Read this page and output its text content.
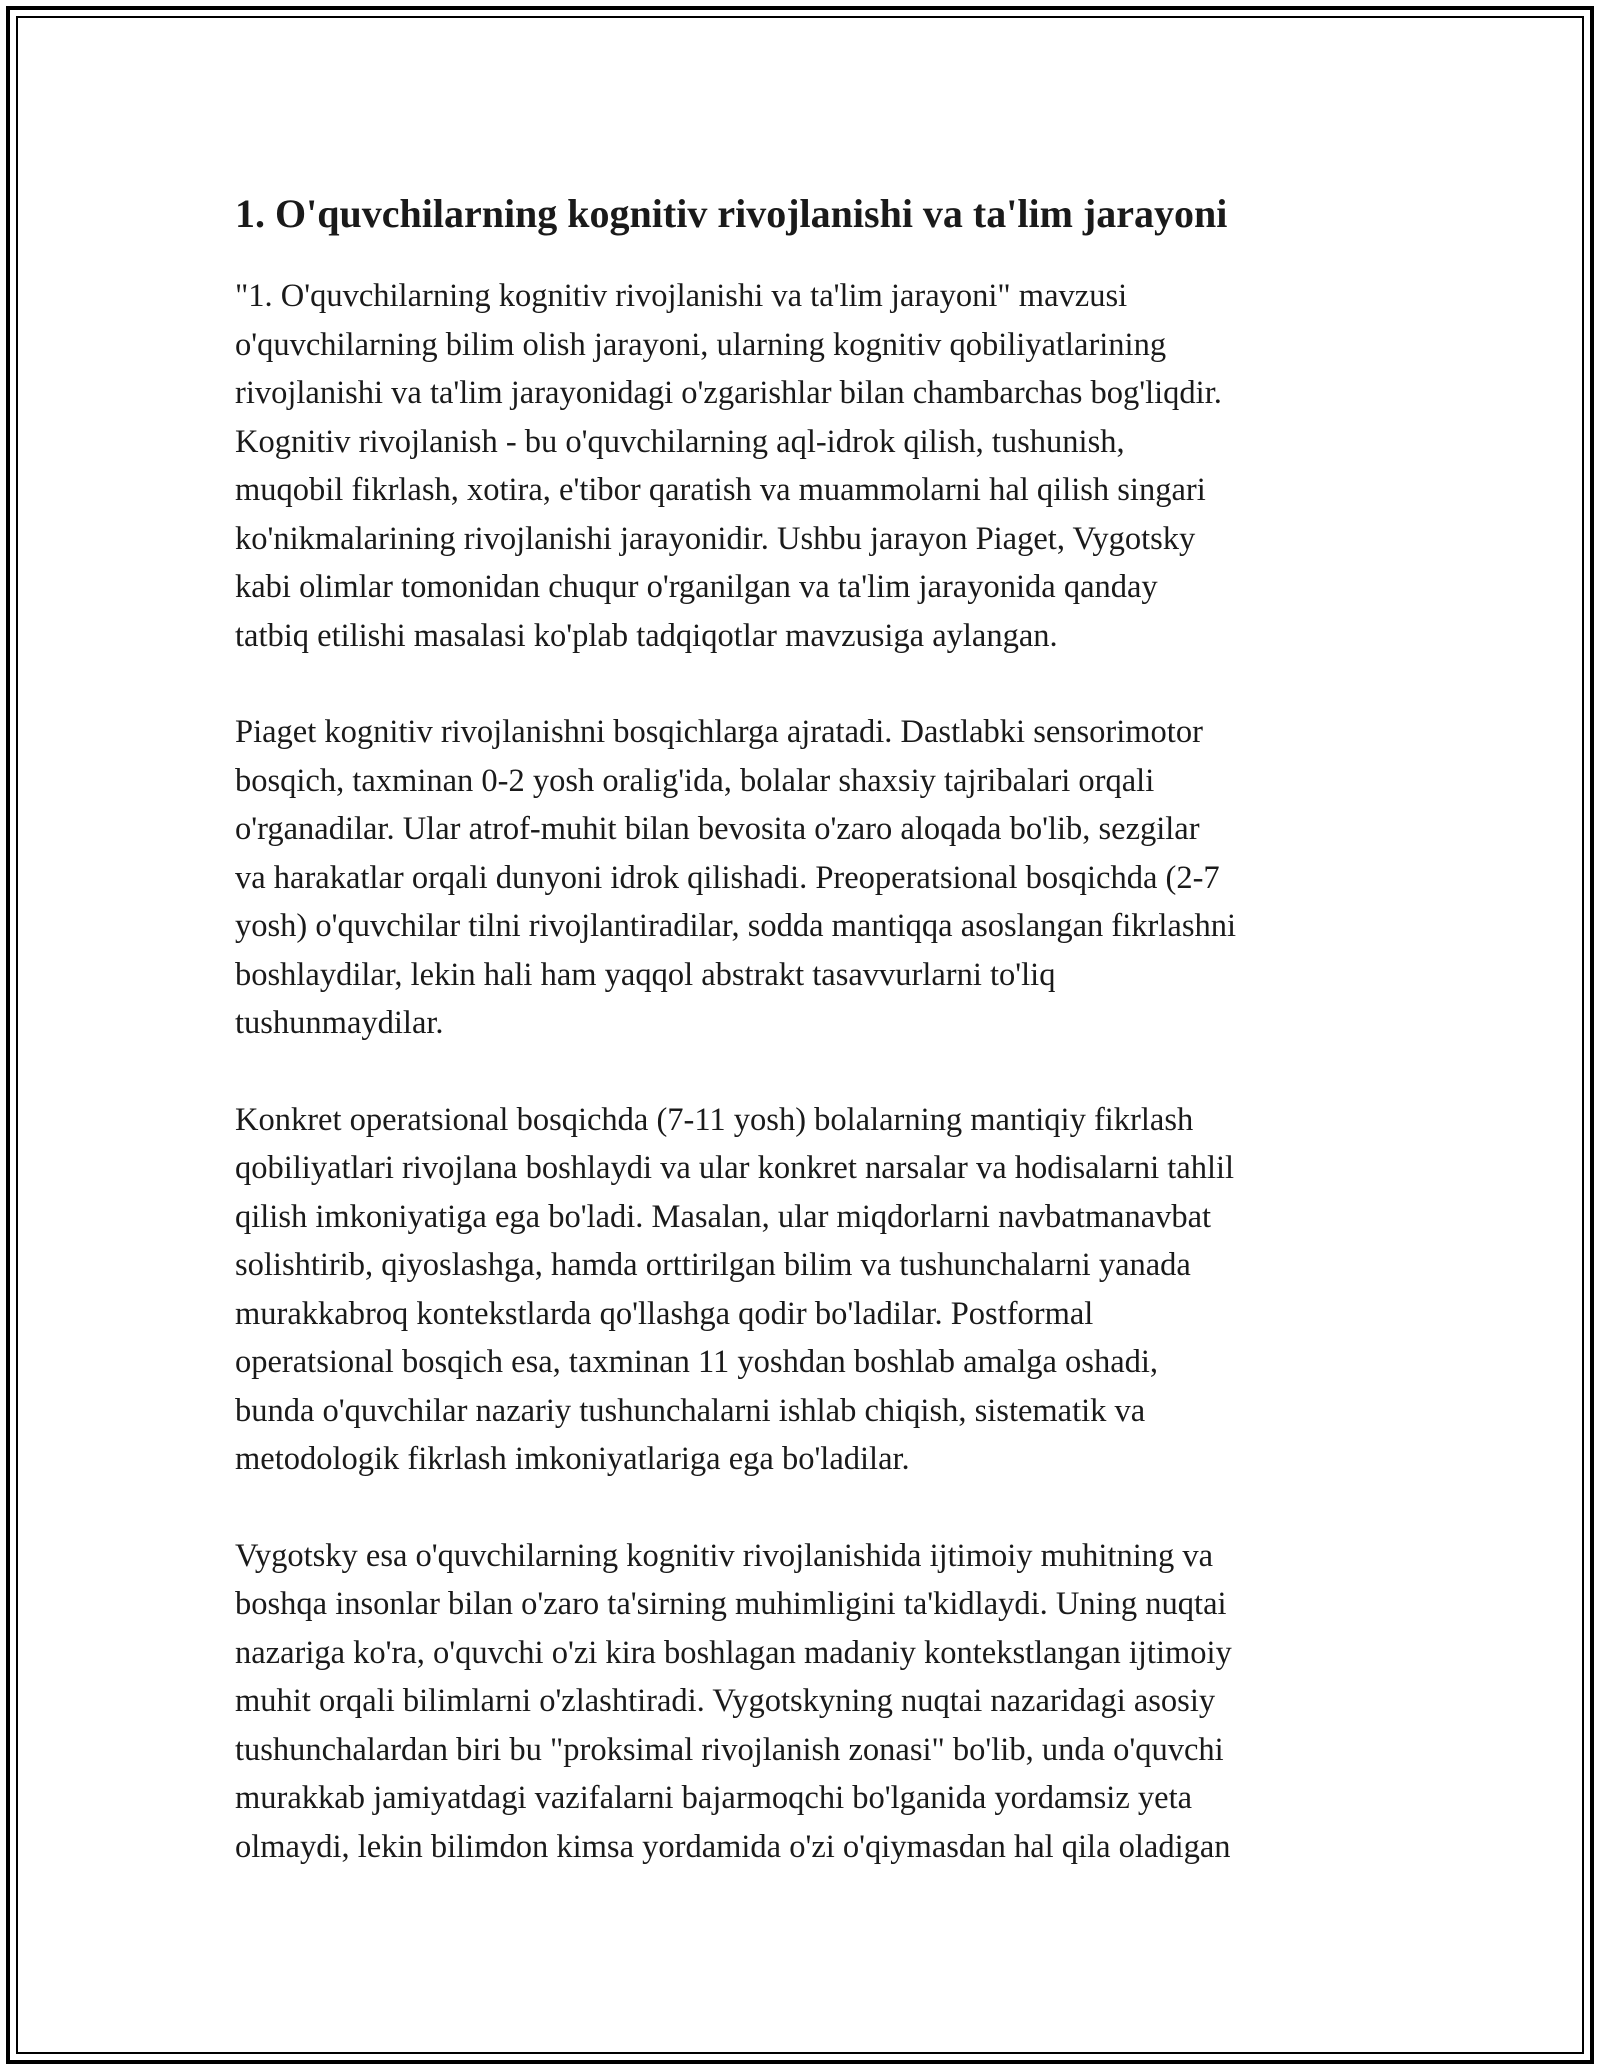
1. O'quvchilarning kognitiv rivojlanishi va ta'lim jarayoni

"1. O'quvchilarning kognitiv rivojlanishi va ta'lim jarayoni" mavzusi
o'quvchilarning bilim olish jarayoni, ularning kognitiv qobiliyatlarining
rivojlanishi va ta'lim jarayonidagi o'zgarishlar bilan chambarchas bog'liqdir.
Kognitiv rivojlanish - bu o'quvchilarning aql-idrok qilish, tushunish,
muqobil fikrlash, xotira, e'tibor qaratish va muammolarni hal qilish singari
ko'nikmalarining rivojlanishi jarayonidir. Ushbu jarayon Piaget, Vygotsky
kabi olimlar tomonidan chuqur o'rganilgan va ta'lim jarayonida qanday
tatbiq etilishi masalasi ko'plab tadqiqotlar mavzusiga aylangan.

Piaget kognitiv rivojlanishni bosqichlarga ajratadi. Dastlabki sensorimotor
bosqich, taxminan 0-2 yosh oralig'ida, bolalar shaxsiy tajribalari orqali
o'rganadilar. Ular atrof-muhit bilan bevosita o'zaro aloqada bo'lib, sezgilar
va harakatlar orqali dunyoni idrok qilishadi. Preoperatsional bosqichda (2-7
yosh) o'quvchilar tilni rivojlantiradilar, sodda mantiqqa asoslangan fikrlashni
boshlaydilar, lekin hali ham yaqqol abstrakt tasavvurlarni to'liq
tushunmaydilar.

Konkret operatsional bosqichda (7-11 yosh) bolalarning mantiqiy fikrlash
qobiliyatlari rivojlana boshlaydi va ular konkret narsalar va hodisalarni tahlil
qilish imkoniyatiga ega bo'ladi. Masalan, ular miqdorlarni navbatmanavbat
solishtirib, qiyoslashga, hamda orttirilgan bilim va tushunchalarni yanada
murakkabroq kontekstlarda qo'llashga qodir bo'ladilar. Postformal
operatsional bosqich esa, taxminan 11 yoshdan boshlab amalga oshadi,
bunda o'quvchilar nazariy tushunchalarni ishlab chiqish, sistematik va
metodologik fikrlash imkoniyatlariga ega bo'ladilar.

Vygotsky esa o'quvchilarning kognitiv rivojlanishida ijtimoiy muhitning va
boshqa insonlar bilan o'zaro ta'sirning muhimligini ta'kidlaydi. Uning nuqtai
nazariga ko'ra, o'quvchi o'zi kira boshlagan madaniy kontekstlangan ijtimoiy
muhit orqali bilimlarni o'zlashtiradi. Vygotskyning nuqtai nazaridagi asosiy
tushunchalardan biri bu "proksimal rivojlanish zonasi" bo'lib, unda o'quvchi
murakkab jamiyatdagi vazifalarni bajarmoqchi bo'lganida yordamsiz yeta
olmaydi, lekin bilimdon kimsa yordamida o'zi o'qiymasdan hal qila oladigan
